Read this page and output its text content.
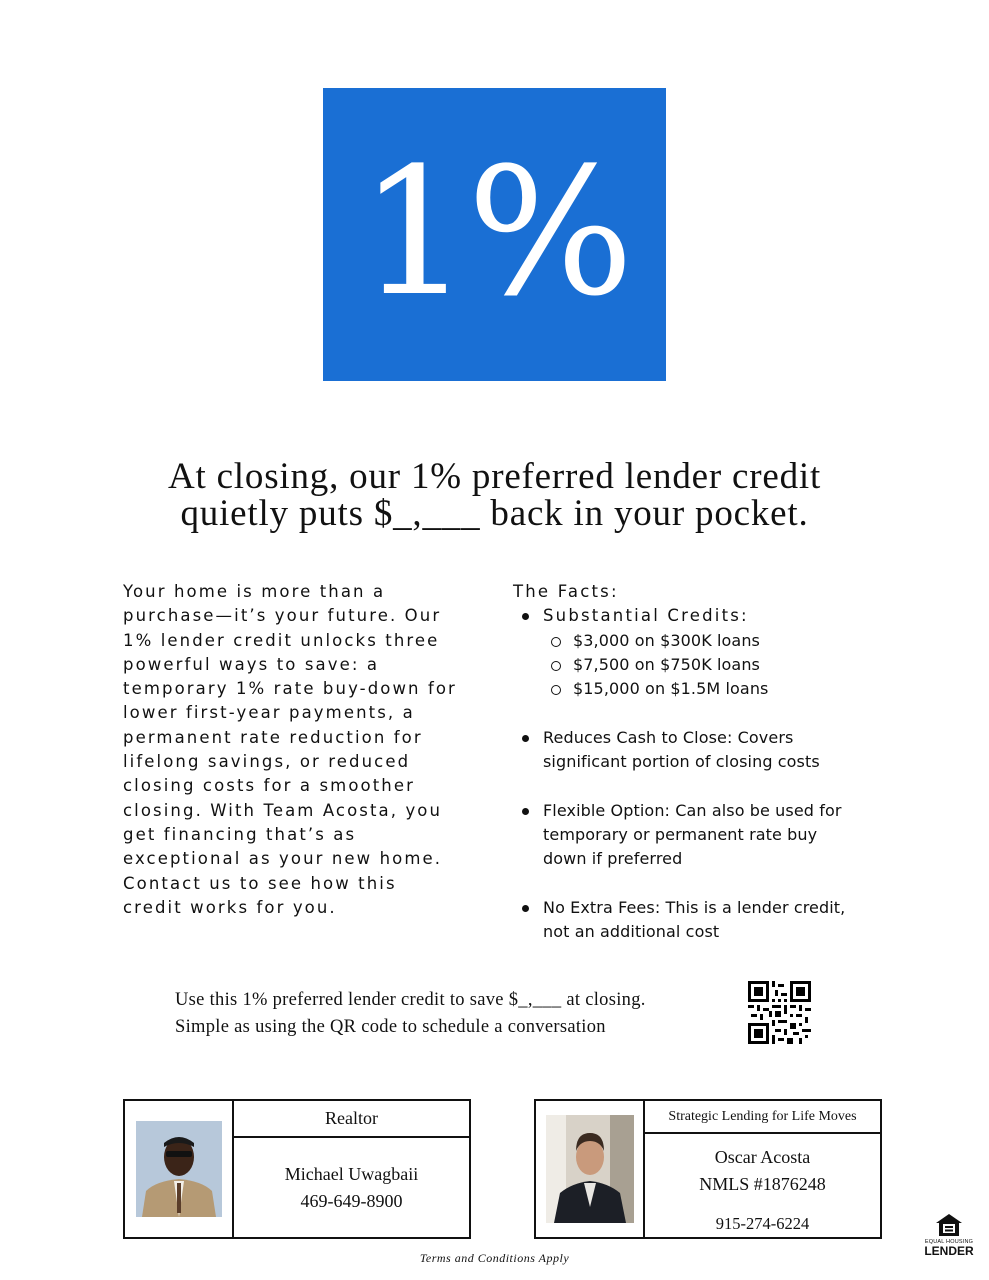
1%
At closing, our 1% preferred lender credit
quietly puts $_,___ back in your pocket.
Your home is more than a
purchase—it’s your future. Our
1% lender credit unlocks three
powerful ways to save: a
temporary 1% rate buy-down for
lower first-year payments, a
permanent rate reduction for
lifelong savings, or reduced
closing costs for a smoother
closing. With Team Acosta, you
get financing that’s as
exceptional as your new home.
Contact us to see how this
credit works for you.
The Facts:
Substantial Credits:
$3,000 on $300K loans
$7,500 on $750K loans
$15,000 on $1.5M loans
Reduces Cash to Close: Covers
significant portion of closing costs
Flexible Option: Can also be used for
temporary or permanent rate buy
down if preferred
No Extra Fees: This is a lender credit,
not an additional cost
Use this 1% preferred lender credit to save $_,___ at closing.
Simple as using the QR code to schedule a conversation
Realtor
Michael Uwagbaii
469-649-8900
Strategic Lending for Life Moves
Oscar Acosta
NMLS #1876248
915-274-6224
Terms and Conditions Apply
EQUAL HOUSING
LENDER
